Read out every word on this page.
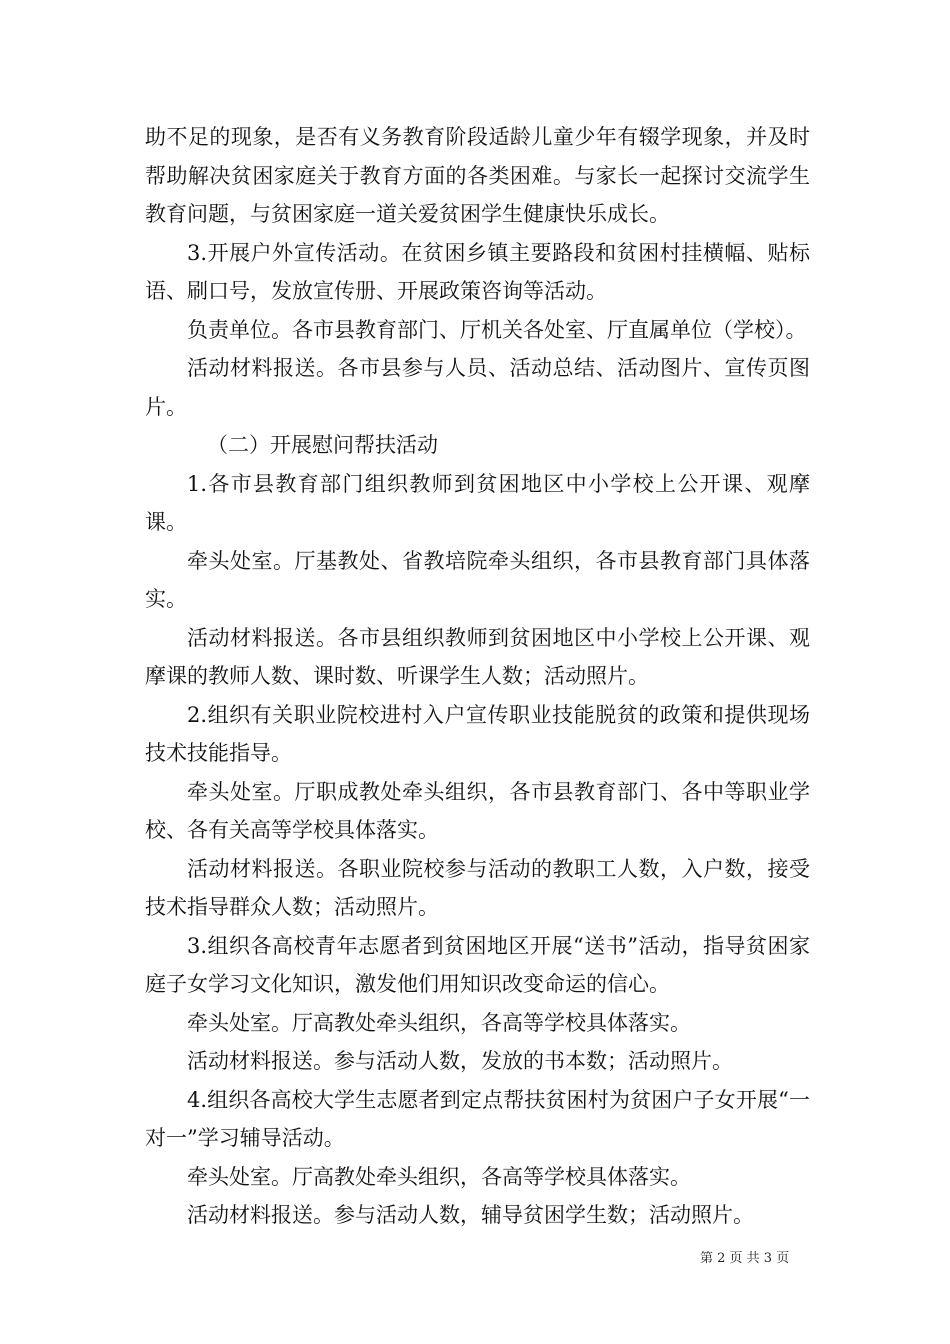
助不足的现象，是否有义务教育阶段适龄儿童少年有辍学现象，并及时帮助解决贫困家庭关于教育方面的各类困难。与家长一起探讨交流学生教育问题，与贫困家庭一道关爱贫困学生健康快乐成长。

3.开展户外宣传活动。在贫困乡镇主要路段和贫困村挂横幅、贴标语、刷口号，发放宣传册、开展政策咨询等活动。

负责单位。各市县教育部门、厅机关各处室、厅直属单位（学校）。

活动材料报送。各市县参与人员、活动总结、活动图片、宣传页图片。

（二）开展慰问帮扶活动

1.各市县教育部门组织教师到贫困地区中小学校上公开课、观摩课。

牵头处室。厅基教处、省教培院牵头组织，各市县教育部门具体落实。

活动材料报送。各市县组织教师到贫困地区中小学校上公开课、观摩课的教师人数、课时数、听课学生人数；活动照片。

2.组织有关职业院校进村入户宣传职业技能脱贫的政策和提供现场技术技能指导。

牵头处室。厅职成教处牵头组织，各市县教育部门、各中等职业学校、各有关高等学校具体落实。

活动材料报送。各职业院校参与活动的教职工人数，入户数，接受技术指导群众人数；活动照片。

3.组织各高校青年志愿者到贫困地区开展“送书”活动，指导贫困家庭子女学习文化知识，激发他们用知识改变命运的信心。

牵头处室。厅高教处牵头组织，各高等学校具体落实。

活动材料报送。参与活动人数，发放的书本数；活动照片。

4.组织各高校大学生志愿者到定点帮扶贫困村为贫困户子女开展“一对一”学习辅导活动。

牵头处室。厅高教处牵头组织，各高等学校具体落实。

活动材料报送。参与活动人数，辅导贫困学生数；活动照片。

第 2 页 共 3 页
